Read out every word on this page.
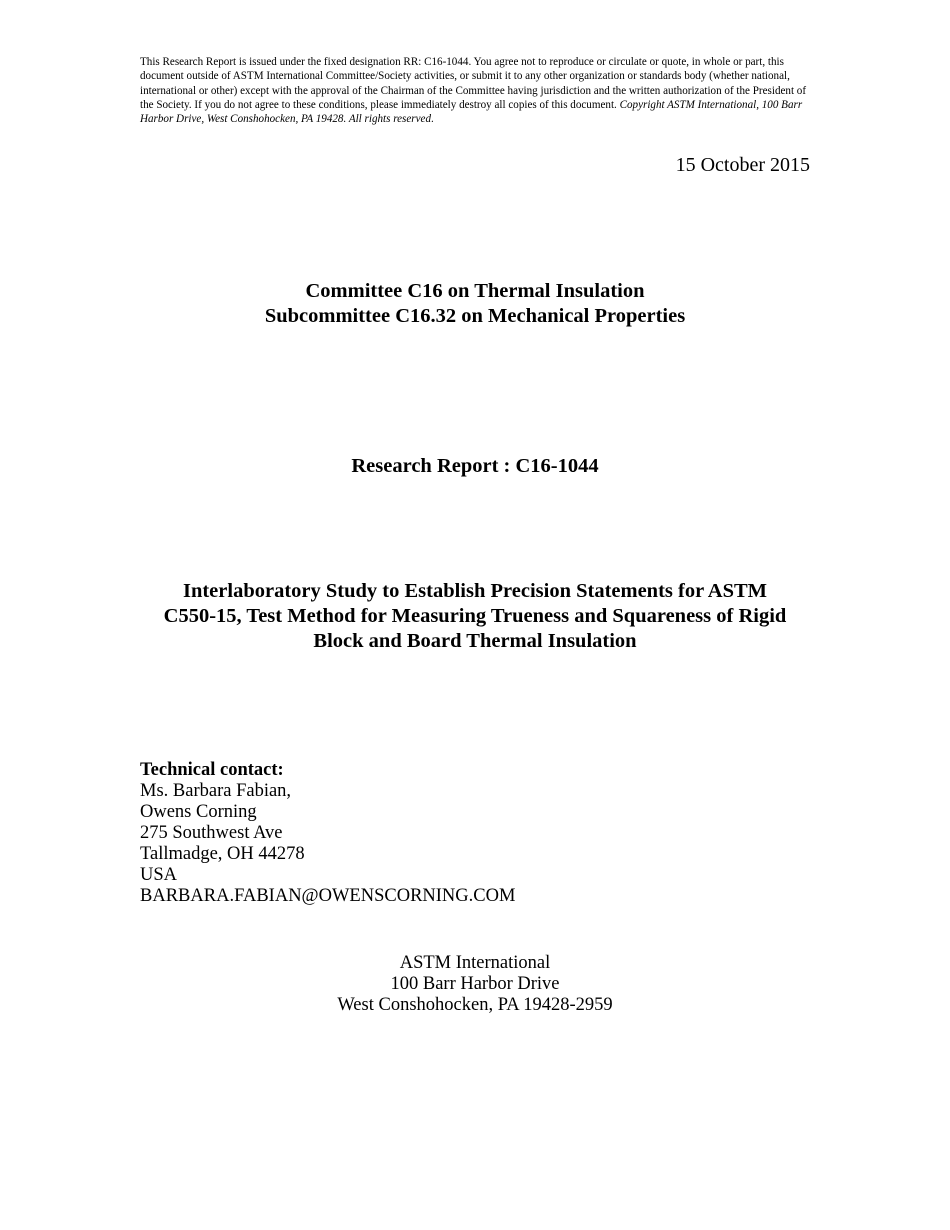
This Research Report is issued under the fixed designation RR: C16-1044. You agree not to reproduce or circulate or quote, in whole or part, this document outside of ASTM International Committee/Society activities, or submit it to any other organization or standards body (whether national, international or other) except with the approval of the Chairman of the Committee having jurisdiction and the written authorization of the President of the Society. If you do not agree to these conditions, please immediately destroy all copies of this document. Copyright ASTM International, 100 Barr Harbor Drive, West Conshohocken, PA 19428. All rights reserved.
15 October 2015
Committee C16 on Thermal Insulation
Subcommittee C16.32 on Mechanical Properties
Research Report : C16-1044
Interlaboratory Study to Establish Precision Statements for ASTM
C550-15, Test Method for Measuring Trueness and Squareness of Rigid
Block and Board Thermal Insulation
Technical contact:
Ms. Barbara Fabian,
Owens Corning
275 Southwest Ave
Tallmadge, OH 44278
USA
BARBARA.FABIAN@OWENSCORNING.COM
ASTM International
100 Barr Harbor Drive
West Conshohocken, PA 19428-2959
